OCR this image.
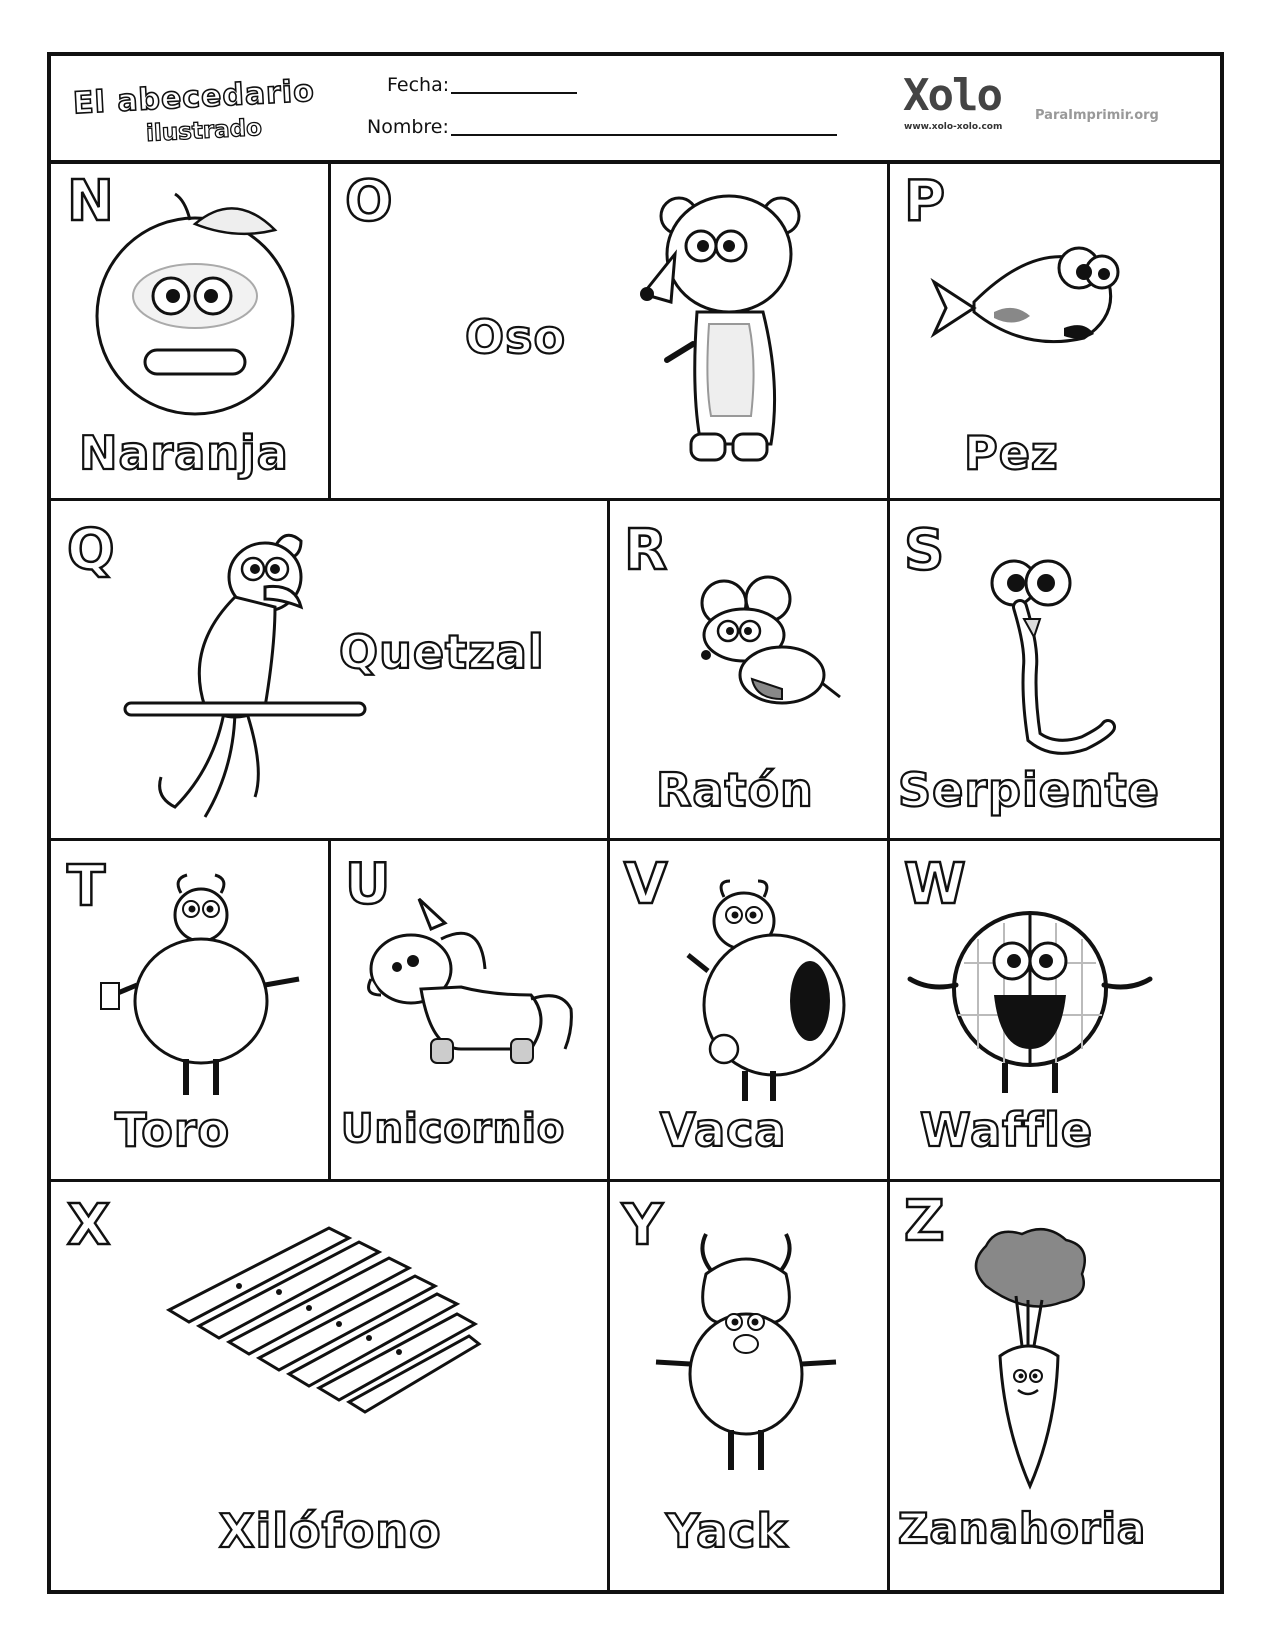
El abecedario
ilustrado
Fecha:
Nombre:
Xolo
www.xolo-xolo.com
ParaImprimir.org
N
Naranja
O
Oso
P
Pez
Q
Quetzal
R
Ratón
S
Serpiente
T
Toro
U
Unicornio
V
Vaca
W
Waffle
X
Xilófono
Y
Yack
Z
Zanahoria
